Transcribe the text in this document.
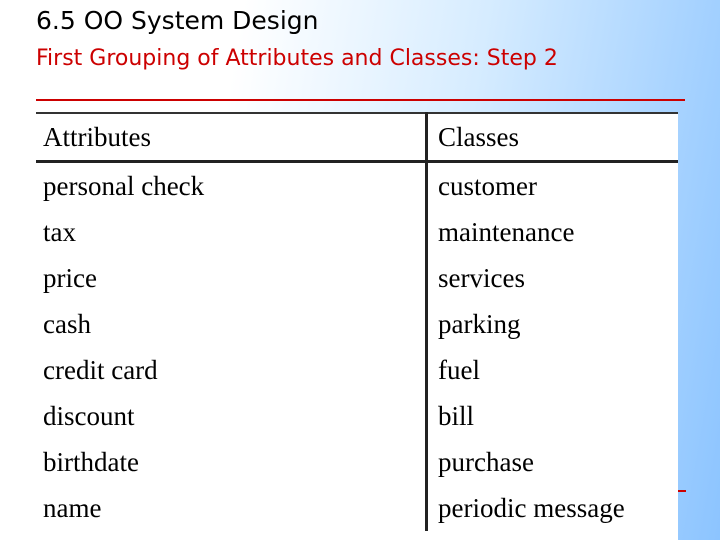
6.5 OO System Design
First Grouping of Attributes and Classes: Step 2
Attributes	Classes
personal check	customer
tax	maintenance
price	services
cash	parking
credit card	fuel
discount	bill
birthdate	purchase
name	periodic message
